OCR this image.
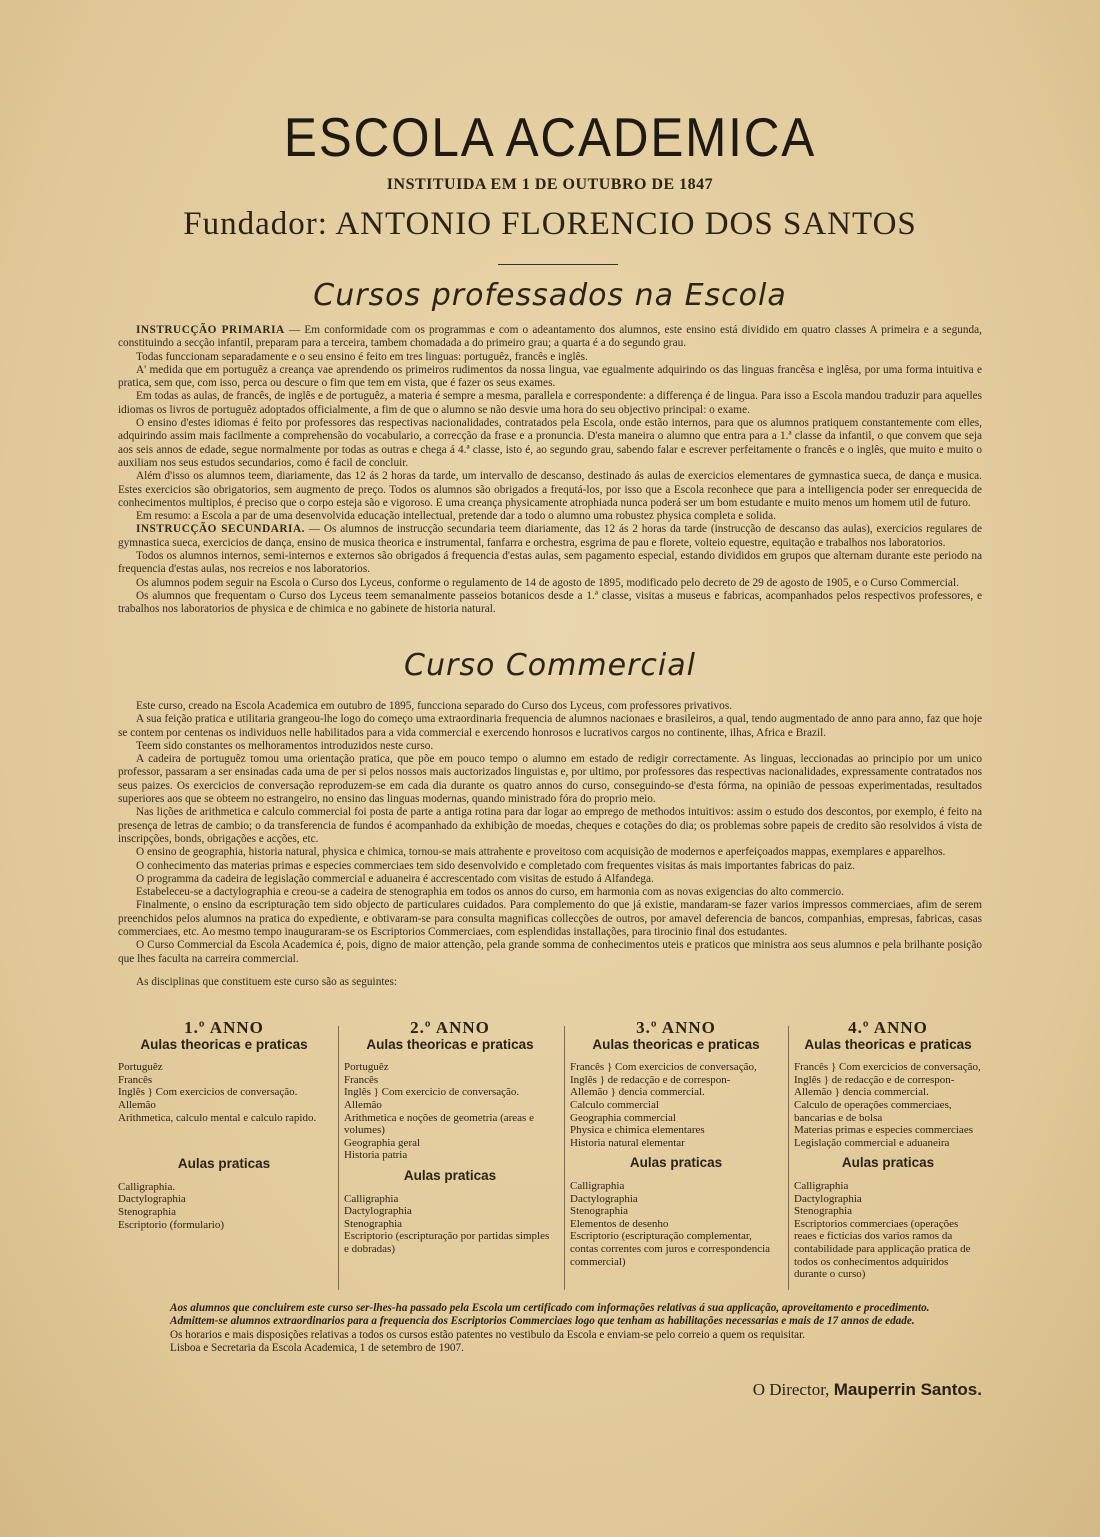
ESCOLA ACADEMICA
INSTITUIDA EM 1 DE OUTUBRO DE 1847
Fundador: ANTONIO FLORENCIO DOS SANTOS
Cursos professados na Escola

INSTRUCÇÃO PRIMARIA — Em conformidade com os programmas e com o adeantamento dos alumnos, este ensino está dividido em quatro classes A primeira e a segunda, constituindo a secção infantil, preparam para a terceira, tambem chomadada a do primeiro grau; a quarta é a do segundo grau.

Todas funccionam separadamente e o seu ensino é feito em tres linguas: portuguêz, francês e inglês.

A' medida que em portuguêz a creança vae aprendendo os primeiros rudimentos da nossa lingua, vae egualmente adquirindo os das linguas francêsa e inglêsa, por uma forma intuitiva e pratica, sem que, com isso, perca ou descure o fim que tem em vista, que é fazer os seus exames.

Em todas as aulas, de francês, de inglês e de portuguêz, a materia é sempre a mesma, parallela e correspondente: a differença é de lingua. Para isso a Escola mandou traduzir para aquelles idiomas os livros de portuguêz adoptados officialmente, a fim de que o alumno se não desvie uma hora do seu objectivo principal: o exame.

O ensino d'estes idiomas é feito por professores das respectivas nacionalidades, contratados pela Escola, onde estão internos, para que os alumnos pratiquem constantemente com elles, adquirindo assim mais facilmente a comprehensão do vocabulario, a correcção da frase e a pronuncia. D'esta maneira o alumno que entra para a 1.ª classe da infantil, o que convem que seja aos seis annos de edade, segue normalmente por todas as outras e chega á 4.ª classe, isto é, ao segundo grau, sabendo falar e escrever perfeitamente o francês e o inglês, que muito e muito o auxiliam nos seus estudos secundarios, como é facil de concluir.

Além d'isso os alumnos teem, diariamente, das 12 ás 2 horas da tarde, um intervallo de descanso, destinado ás aulas de exercicios elementares de gymnastica sueca, de dança e musica. Estes exercicios são obrigatorios, sem augmento de preço. Todos os alumnos são obrigados a frequtá-los, por isso que a Escola reconhece que para a intelligencia poder ser enrequecida de conhecimentos multiplos, é preciso que o corpo esteja são e vigoroso. E uma creança physicamente atrophiada nunca poderá ser um bom estudante e muito menos um homem util de futuro.

Em resumo: a Escola a par de uma desenvolvida educação intellectual, pretende dar a todo o alumno uma robustez physica completa e solida.

INSTRUCÇÃO SECUNDARIA. — Os alumnos de instrucção secundaria teem diariamente, das 12 ás 2 horas da tarde (instrucção de descanso das aulas), exercicios regulares de gymnastica sueca, exercicios de dança, ensino de musica theorica e instrumental, fanfarra e orchestra, esgrima de pau e florete, volteio equestre, equitação e trabalhos nos laboratorios.

Todos os alumnos internos, semi-internos e externos são obrigados á frequencia d'estas aulas, sem pagamento especial, estando divididos em grupos que alternam durante este periodo na frequencia d'estas aulas, nos recreios e nos laboratorios.

Os alumnos podem seguir na Escola o Curso dos Lyceus, conforme o regulamento de 14 de agosto de 1895, modificado pelo decreto de 29 de agosto de 1905, e o Curso Commercial.

Os alumnos que frequentam o Curso dos Lyceus teem semanalmente passeios botanicos desde a 1.ª classe, visitas a museus e fabricas, acompanhados pelos respectivos professores, e trabalhos nos laboratorios de physica e de chimica e no gabinete de historia natural.

Curso Commercial

Este curso, creado na Escola Academica em outubro de 1895, funcciona separado do Curso dos Lyceus, com professores privativos.

A sua feição pratica e utilitaria grangeou-lhe logo do começo uma extraordinaria frequencia de alumnos nacionaes e brasileiros, a qual, tendo augmentado de anno para anno, faz que hoje se contem por centenas os individuos nelle habilitados para a vida commercial e exercendo honrosos e lucrativos cargos no continente, ilhas, Africa e Brazil.

Teem sido constantes os melhoramentos introduzidos neste curso.

A cadeira de portuguêz tomou uma orientação pratica, que põe em pouco tempo o alumno em estado de redigir correctamente. As linguas, leccionadas ao principio por um unico professor, passaram a ser ensinadas cada uma de per si pelos nossos mais auctorizados linguistas e, por ultimo, por professores das respectivas nacionalidades, expressamente contratados nos seus paizes. Os exercicios de conversação reproduzem-se em cada dia durante os quatro annos do curso, conseguindo-se d'esta fórma, na opinião de pessoas experimentadas, resultados superiores aos que se obteem no estrangeiro, no ensino das linguas modernas, quando ministrado fóra do proprio meio.

Nas lições de arithmetica e calculo commercial foi posta de parte a antiga rotina para dar logar ao emprego de methodos intuitivos: assim o estudo dos descontos, por exemplo, é feito na presença de letras de cambio; o da transferencia de fundos é acompanhado da exhibição de moedas, cheques e cotações do dia; os problemas sobre papeis de credito são resolvidos á vista de inscripções, bonds, obrigações e acções, etc.

O ensino de geographia, historia natural, physica e chimica, tornou-se mais attrahente e proveitoso com acquisição de modernos e aperfeiçoados mappas, exemplares e apparelhos.

O conhecimento das materias primas e especies commerciaes tem sido desenvolvido e completado com frequentes visitas ás mais importantes fabricas do paiz.

O programma da cadeira de legislação commercial e aduaneira é accrescentado com visitas de estudo á Alfandega.

Estabeleceu-se a dactylographia e creou-se a cadeira de stenographia em todos os annos do curso, em harmonia com as novas exigencias do alto commercio.

Finalmente, o ensino da escripturação tem sido objecto de particulares cuidados. Para complemento do que já existie, mandaram-se fazer varios impressos commerciaes, afim de serem preenchidos pelos alumnos na pratica do expediente, e obtivaram-se para consulta magnificas collecções de outros, por amavel deferencia de bancos, companhias, empresas, fabricas, casas commerciaes, etc. Ao mesmo tempo inauguraram-se os Escriptorios Commerciaes, com esplendidas installações, para tirocinio final dos estudantes.

O Curso Commercial da Escola Academica é, pois, digno de maior attenção, pela grande somma de conhecimentos uteis e praticos que ministra aos seus alumnos e pela brilhante posição que lhes faculta na carreira commercial.

As disciplinas que constituem este curso são as seguintes:

1.º ANNO
Aulas theoricas e praticas
Portuguêz
Francês
Inglês } Com exercicios de conversação.
Allemão
Arithmetica, calculo mental e calculo rapido.
Aulas praticas
Calligraphia.
Dactylographia
Stenographia
Escriptorio (formulario)
2.º ANNO
Aulas theoricas e praticas
Portuguêz
Francês
Inglês } Com exercicio de conversação.
Allemão
Arithmetica e noções de geometria (areas e volumes)
Geographia geral
Historia patria
Aulas praticas
Calligraphia
Dactylographia
Stenographia
Escriptorio (escripturação por partidas simples e dobradas)
3.º ANNO
Aulas theoricas e praticas
Francês } Com exercicios de conversação,
Inglês } de redacção e de correspon-
Allemão } dencia commercial.
Calculo commercial
Geographia commercial
Physica e chimica elementares
Historia natural elementar
Aulas praticas
Calligraphia
Dactylographia
Stenographia
Elementos de desenho
Escriptorio (escripturação complementar, contas correntes com juros e correspondencia commercial)
4.º ANNO
Aulas theoricas e praticas
Francês } Com exercicios de conversação,
Inglês } de redacção e de correspon-
Allemão } dencia commercial.
Calculo de operações commerciaes, bancarias e de bolsa
Materias primas e especies commerciaes
Legislação commercial e aduaneira
Aulas praticas
Calligraphia
Dactylographia
Stenographia
Escriptorios commerciaes (operações reaes e ficticias dos varios ramos da contabilidade para applicação pratica de todos os conhecimentos adquiridos durante o curso)

Aos alumnos que concluirem este curso ser-lhes-ha passado pela Escola um certificado com informações relativas á sua applicação, aproveitamento e procedimento.

Admittem-se alumnos extraordinarios para a frequencia dos Escriptorios Commerciaes logo que tenham as habilitações necessarias e mais de 17 annos de edade.

Os horarios e mais disposições relativas a todos os cursos estão patentes no vestibulo da Escola e enviam-se pelo correio a quem os requisitar.

Lisboa e Secretaria da Escola Academica, 1 de setembro de 1907.

O Director, Mauperrin Santos.
